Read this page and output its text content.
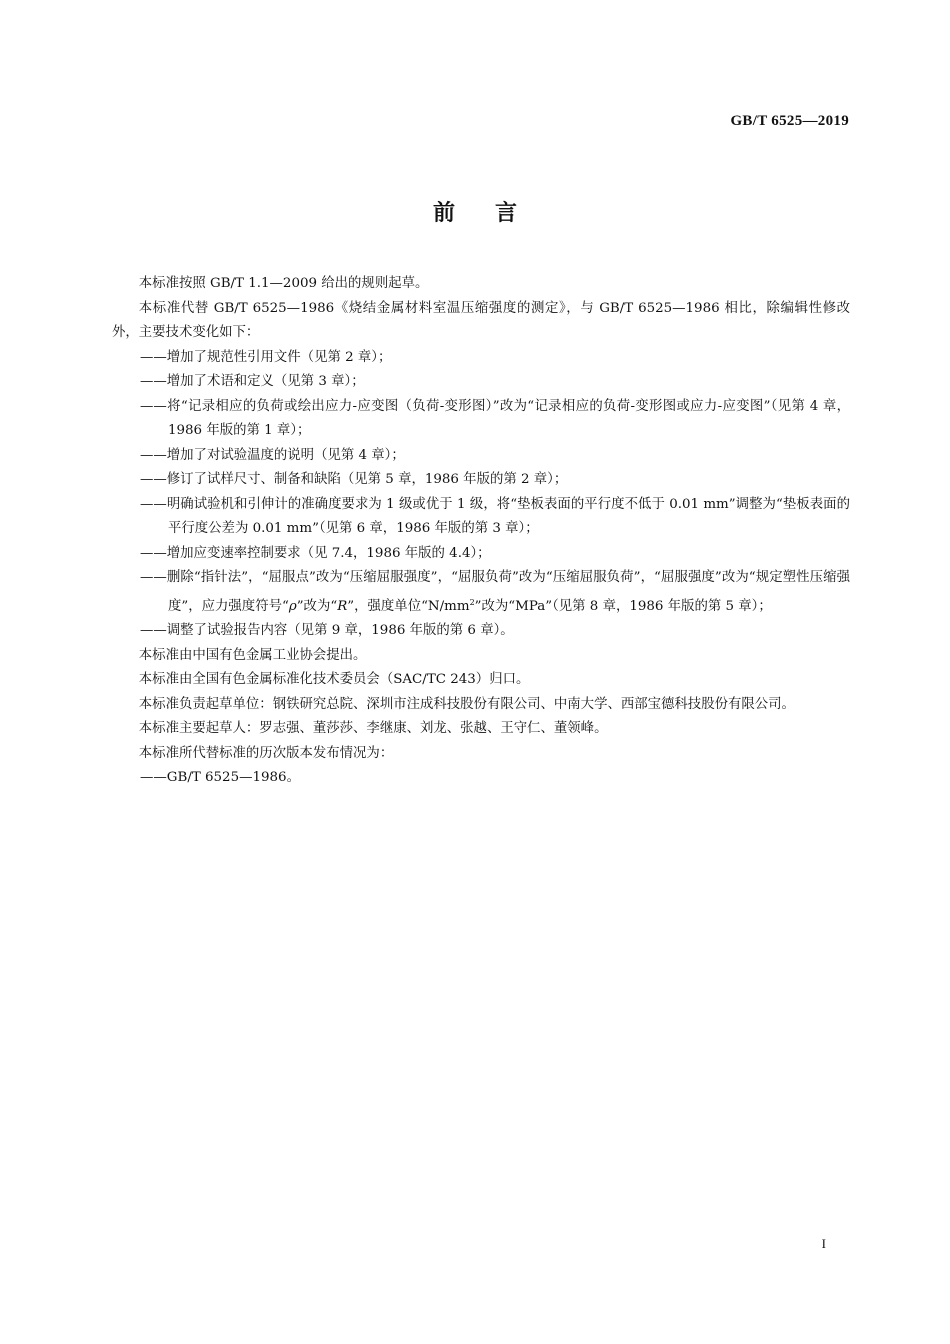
GB/T 6525—2019
前言

本标准按照 GB/T 1.1—2009 给出的规则起草。

本标准代替 GB/T 6525—1986《烧结金属材料室温压缩强度的测定》，与 GB/T 6525—1986 相比，除编辑性修改外，主要技术变化如下：

——增加了规范性引用文件（见第 2 章）；

——增加了术语和定义（见第 3 章）；

——将“记录相应的负荷或绘出应力-应变图（负荷-变形图）”改为“记录相应的负荷-变形图或应力-应变图”（见第 4 章，1986 年版的第 1 章）；

——增加了对试验温度的说明（见第 4 章）；

——修订了试样尺寸、制备和缺陷（见第 5 章，1986 年版的第 2 章）；

——明确试验机和引伸计的准确度要求为 1 级或优于 1 级，将“垫板表面的平行度不低于 0.01 mm”调整为“垫板表面的平行度公差为 0.01 mm”（见第 6 章，1986 年版的第 3 章）；

——增加应变速率控制要求（见 7.4，1986 年版的 4.4）；

——删除“指针法”，“屈服点”改为“压缩屈服强度”，“屈服负荷”改为“压缩屈服负荷”，“屈服强度”改为“规定塑性压缩强度”，应力强度符号“ρ”改为“R”，强度单位“$N/mm^2$”改为“MPa”（见第 8 章，1986 年版的第 5 章）；

——调整了试验报告内容（见第 9 章，1986 年版的第 6 章）。

本标准由中国有色金属工业协会提出。

本标准由全国有色金属标准化技术委员会（SAC/TC 243）归口。

本标准负责起草单位：钢铁研究总院、深圳市注成科技股份有限公司、中南大学、西部宝德科技股份有限公司。

本标准主要起草人：罗志强、董莎莎、李继康、刘龙、张越、王守仁、董领峰。

本标准所代替标准的历次版本发布情况为：

——GB/T 6525—1986。

I
